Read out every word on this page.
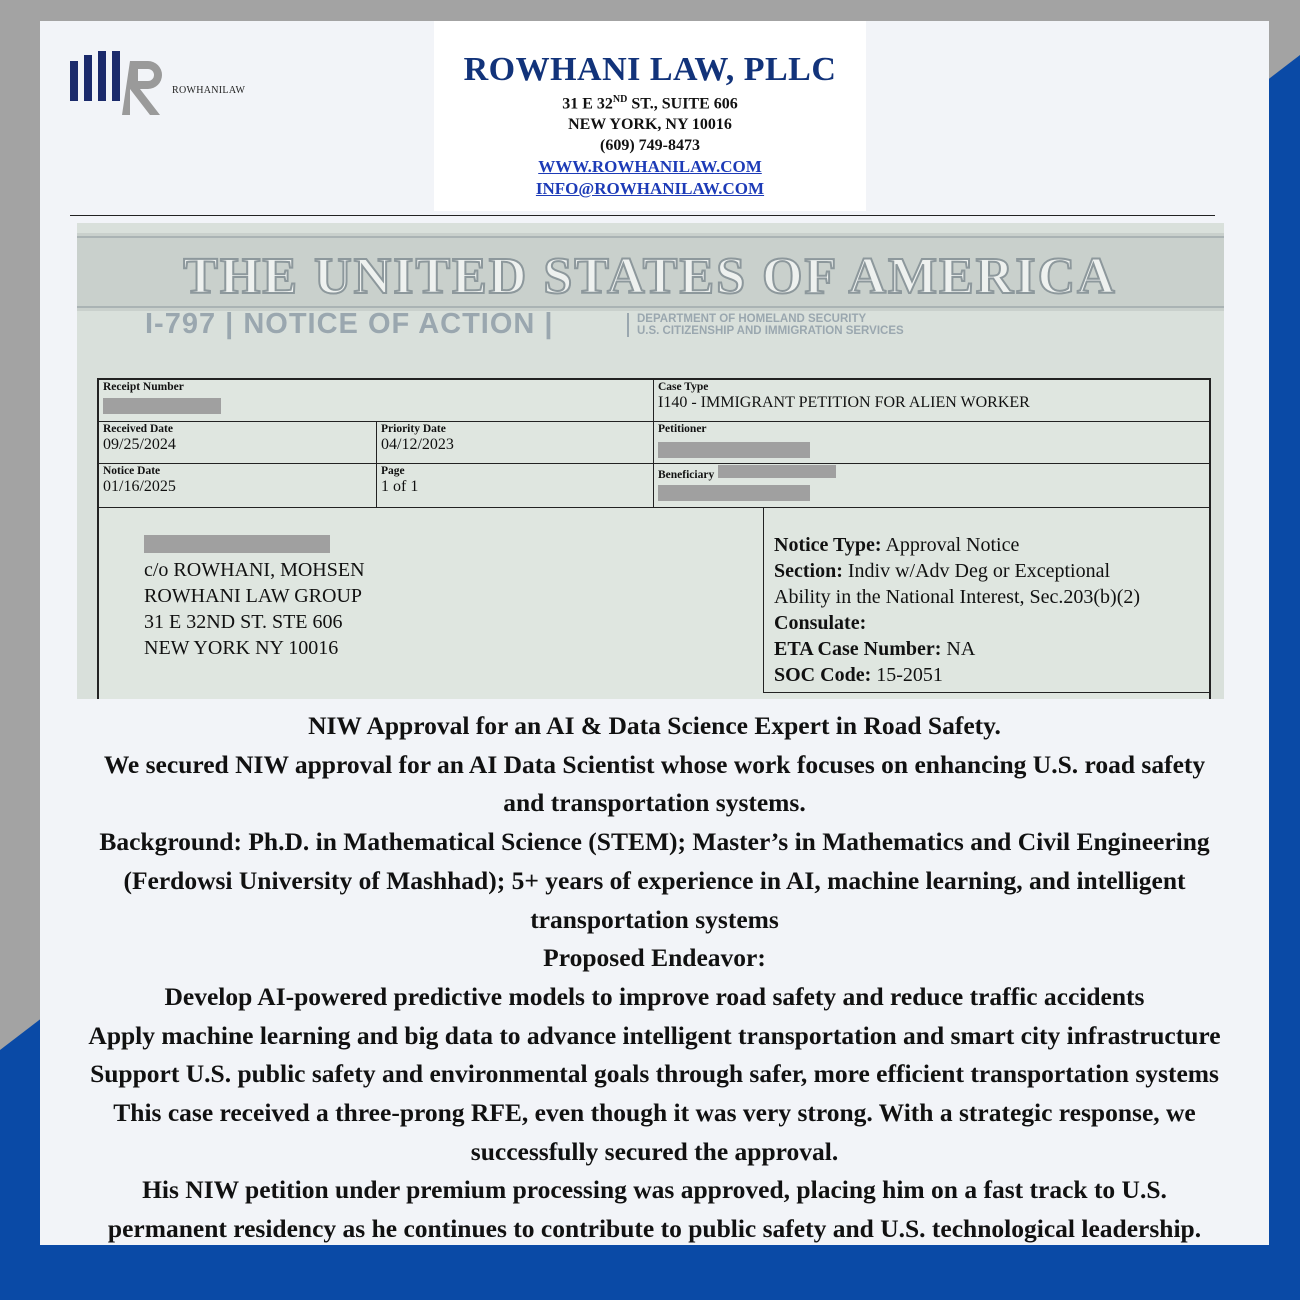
ROWHANILAW
ROWHANI LAW, PLLC
31 E 32ND ST., SUITE 606
NEW YORK, NY 10016
(609) 749-8473
WWW.ROWHANILAW.COM
INFO@ROWHANILAW.COM
THE UNITED STATES OF AMERICA
I-797 | NOTICE OF ACTION |	DEPARTMENT OF HOMELAND SECURITY
U.S. CITIZENSHIP AND IMMIGRATION SERVICES
Receipt Number	Case Type
I140 - IMMIGRANT PETITION FOR ALIEN WORKER
Received Date
09/25/2024
Priority Date
04/12/2023
Petitioner
Notice Date
01/16/2025
Page
1 of 1
Beneficiary
c/o ROWHANI, MOHSEN
ROWHANI LAW GROUP
31 E 32ND ST. STE 606
NEW YORK NY 10016
Notice Type: Approval Notice
Section: Indiv w/Adv Deg or Exceptional
Ability in the National Interest, Sec.203(b)(2)
Consulate:
ETA Case Number: NA
SOC Code: 15-2051
NIW Approval for an AI & Data Science Expert in Road Safety.
We secured NIW approval for an AI Data Scientist whose work focuses on enhancing U.S. road safety
and transportation systems.
Background: Ph.D. in Mathematical Science (STEM); Master’s in Mathematics and Civil Engineering
(Ferdowsi University of Mashhad); 5+ years of experience in AI, machine learning, and intelligent
transportation systems
Proposed Endeavor:
Develop AI-powered predictive models to improve road safety and reduce traffic accidents
Apply machine learning and big data to advance intelligent transportation and smart city infrastructure
Support U.S. public safety and environmental goals through safer, more efficient transportation systems
This case received a three-prong RFE, even though it was very strong. With a strategic response, we
successfully secured the approval.
His NIW petition under premium processing was approved, placing him on a fast track to U.S.
permanent residency as he continues to contribute to public safety and U.S. technological leadership.
